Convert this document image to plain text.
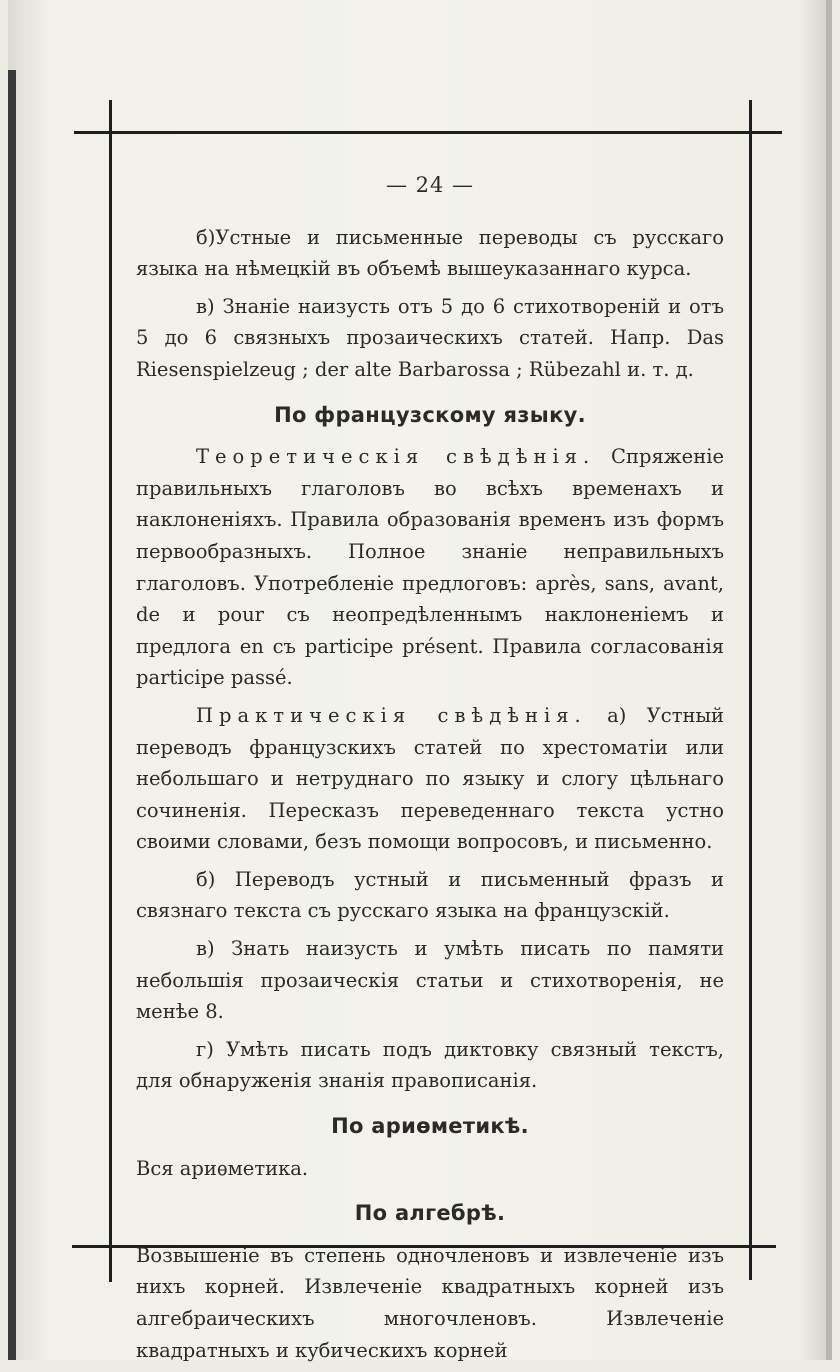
— 24 —

б)Устные и письменные переводы съ русскаго языка на нѣмецкій въ объемѣ вышеуказаннаго курса.

в) Знаніе наизусть отъ 5 до 6 стихотвореній и отъ 5 до 6 связныхъ прозаическихъ статей. Напр. Das Riesenspielzeug ; der alte Barbarossa ; Rübezahl и. т. д.

По французскому языку.

Теоретическія свѣдѣнія. Спряженіе правильныхъ глаголовъ во всѣхъ временахъ и наклоненіяхъ. Правила образованія временъ изъ формъ первообразныхъ. Полное знаніе неправильныхъ глаголовъ. Употребленіе предлоговъ: après, sans, avant, de и pour съ неопредѣленнымъ наклоненіемъ и предлога en съ participe présent. Правила согласованія participe passé.

Практическія свѣдѣнія. а) Устный переводъ французскихъ статей по хрестоматіи или небольшаго и нетруднаго по языку и слогу цѣльнаго сочиненія. Пересказъ переведеннаго текста устно своими словами, безъ помощи вопросовъ, и письменно.

б) Переводъ устный и письменный фразъ и связнаго текста съ русскаго языка на французскій.

в) Знать наизусть и умѣть писать по памяти небольшія прозаическія статьи и стихотворенія, не менѣе 8.

г) Умѣть писать подъ диктовку связный текстъ, для обнаруженія знанія правописанія.

По ариѳметикѣ.

Вся ариѳметика.

По алгебрѣ.

Возвышеніе въ степень одночленовъ и извлеченіе изъ нихъ корней. Извлеченіе квадратныхъ корней изъ алгебраическихъ многочленовъ. Извлеченіе квадратныхъ и кубическихъ корней
